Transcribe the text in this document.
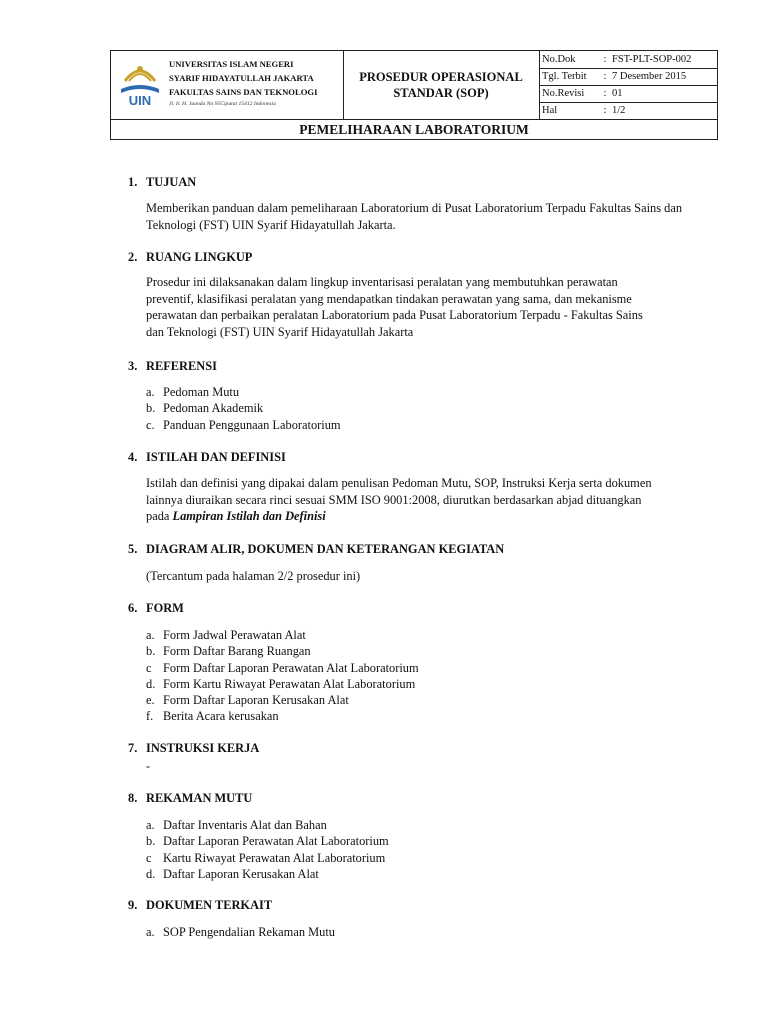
UIN
UNIVERSITAS ISLAM NEGERI
SYARIF HIDAYATULLAH JAKARTA
FAKULTAS SAINS DAN TEKNOLOGI
Jl. Ir. H. Juanda No 95Ciputat 15412 Indonesia
PROSEDUR OPERASIONAL
STANDAR (SOP)
No.Dok	: FST-PLT-SOP-002
Tgl. Terbit	: 7 Desember 2015
No.Revisi	: 01
Hal	: 1/2
PEMELIHARAAN LABORATORIUM
1. TUJUAN
Memberikan panduan dalam pemeliharaan Laboratorium di Pusat Laboratorium Terpadu Fakultas Sains dan
Teknologi (FST) UIN Syarif Hidayatullah Jakarta.
2. RUANG LINGKUP
Prosedur ini dilaksanakan dalam lingkup inventarisasi peralatan yang membutuhkan perawatan
preventif, klasifikasi peralatan yang mendapatkan tindakan perawatan yang sama, dan mekanisme
perawatan dan perbaikan peralatan Laboratorium pada Pusat Laboratorium Terpadu - Fakultas Sains
dan Teknologi (FST) UIN Syarif Hidayatullah Jakarta
3. REFERENSI
a. Pedoman Mutu
b. Pedoman Akademik
c. Panduan Penggunaan Laboratorium
4. ISTILAH DAN DEFINISI
Istilah dan definisi yang dipakai dalam penulisan Pedoman Mutu, SOP, Instruksi Kerja serta dokumen
lainnya diuraikan secara rinci sesuai SMM ISO 9001:2008, diurutkan berdasarkan abjad dituangkan
pada Lampiran Istilah dan Definisi
5. DIAGRAM ALIR, DOKUMEN DAN KETERANGAN KEGIATAN
(Tercantum pada halaman 2/2 prosedur ini)
6. FORM
a. Form Jadwal Perawatan Alat
b. Form Daftar Barang Ruangan
c Form Daftar Laporan Perawatan Alat Laboratorium
d. Form Kartu Riwayat Perawatan Alat Laboratorium
e. Form Daftar Laporan Kerusakan Alat
f. Berita Acara kerusakan
7. INSTRUKSI KERJA
-
8. REKAMAN MUTU
a. Daftar Inventaris Alat dan Bahan
b. Daftar Laporan Perawatan Alat Laboratorium
c Kartu Riwayat Perawatan Alat Laboratorium
d. Daftar Laporan Kerusakan Alat
9. DOKUMEN TERKAIT
a. SOP Pengendalian Rekaman Mutu
